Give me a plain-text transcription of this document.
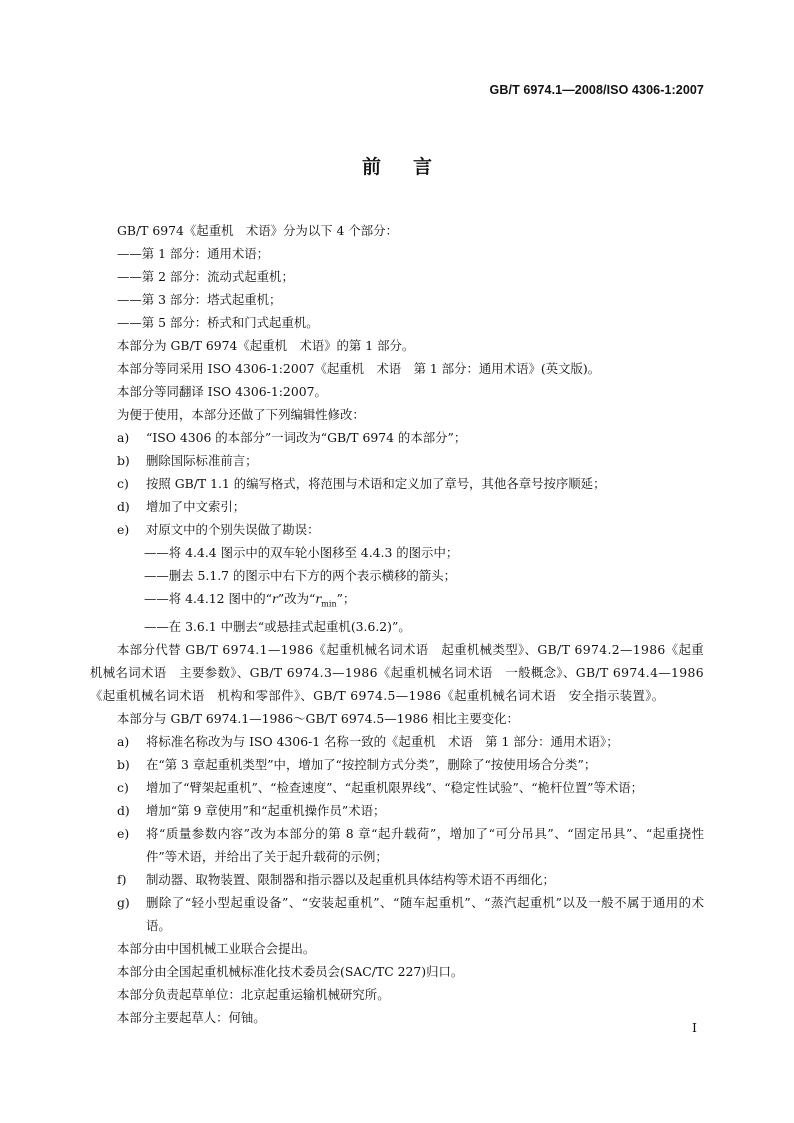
GB/T 6974.1—2008/ISO 4306-1:2007
前言

GB/T 6974《起重机　术语》分为以下 4 个部分：

——第 1 部分：通用术语；

——第 2 部分：流动式起重机；

——第 3 部分：塔式起重机；

——第 5 部分：桥式和门式起重机。

本部分为 GB/T 6974《起重机　术语》的第 1 部分。

本部分等同采用 ISO 4306-1:2007《起重机　术语　第 1 部分：通用术语》(英文版)。

本部分等同翻译 ISO 4306-1:2007。

为便于使用，本部分还做了下列编辑性修改：

a)	“ISO 4306 的本部分”一词改为“GB/T 6974 的本部分”；
b)	删除国际标准前言；
c)	按照 GB/T 1.1 的编写格式，将范围与术语和定义加了章号，其他各章号按序顺延；
d)	增加了中文索引；
e)	对原文中的个别失误做了勘误：

——将 4.4.4 图示中的双车轮小图移至 4.4.3 的图示中；

——删去 5.1.7 的图示中右下方的两个表示横移的箭头；

——将 4.4.12 图中的“r”改为“$r_{min}$”；

——在 3.6.1 中删去“或悬挂式起重机(3.6.2)”。

本部分代替 GB/T 6974.1—1986《起重机械名词术语　起重机械类型》、GB/T 6974.2—1986《起重机械名词术语　主要参数》、GB/T 6974.3—1986《起重机械名词术语　一般概念》、GB/T 6974.4—1986《起重机械名词术语　机构和零部件》、GB/T 6974.5—1986《起重机械名词术语　安全指示装置》。

本部分与 GB/T 6974.1—1986～GB/T 6974.5—1986 相比主要变化：

a)	将标准名称改为与 ISO 4306-1 名称一致的《起重机　术语　第 1 部分：通用术语》；
b)	在“第 3 章起重机类型”中，增加了“按控制方式分类”，删除了“按使用场合分类”；
c)	增加了“臂架起重机”、“检查速度”、“起重机限界线”、“稳定性试验”、“桅杆位置”等术语；
d)	增加“第 9 章使用”和“起重机操作员”术语；
e)	将“质量参数内容”改为本部分的第 8 章“起升载荷”，增加了“可分吊具”、“固定吊具”、“起重挠性件”等术语，并给出了关于起升载荷的示例；
f)	制动器、取物装置、限制器和指示器以及起重机具体结构等术语不再细化；
g)	删除了“轻小型起重设备”、“安装起重机”、“随车起重机”、“蒸汽起重机”以及一般不属于通用的术语。

本部分由中国机械工业联合会提出。

本部分由全国起重机械标准化技术委员会(SAC/TC 227)归口。

本部分负责起草单位：北京起重运输机械研究所。

本部分主要起草人：何铀。

I
